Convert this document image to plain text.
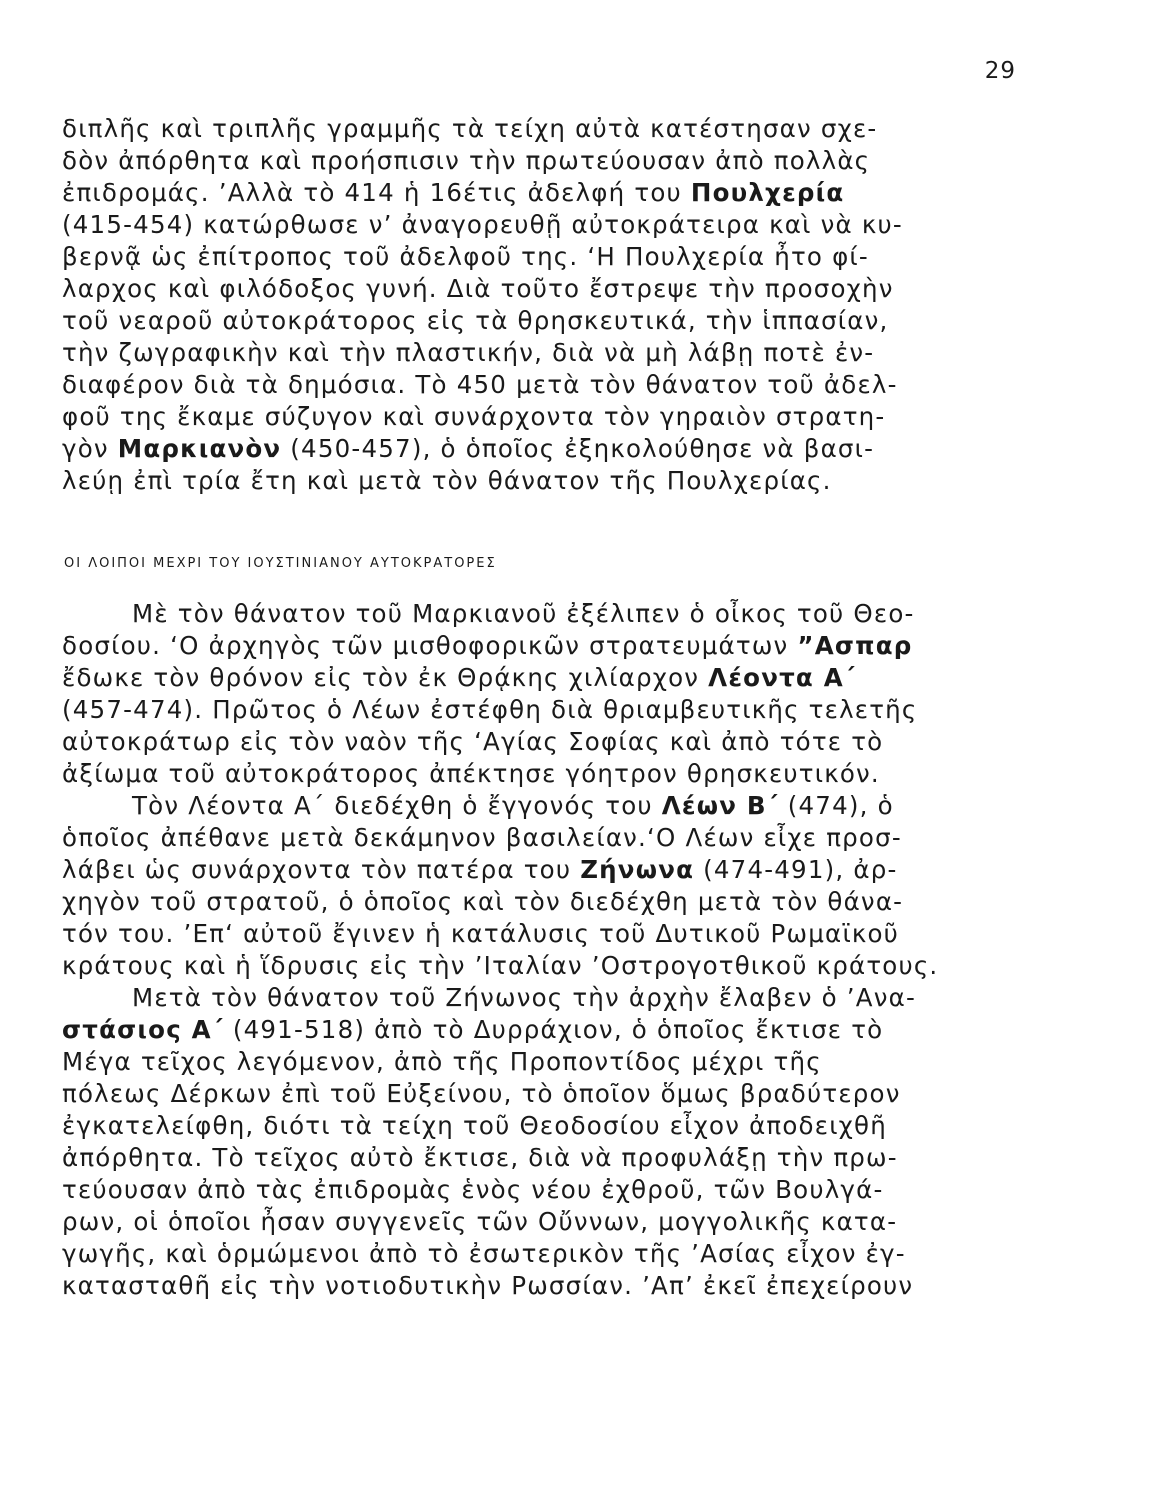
29
διπλῆς καὶ τριπλῆς γραμμῆς τὰ τείχη αὐτὰ κατέστησαν σχε-
δὸν ἀπόρθητα καὶ προήσπισιν τὴν πρωτεύουσαν ἀπὸ πολλὰς
ἐπιδρομάς. ’Αλλὰ τὸ 414 ἡ 16έτις ἀδελφή του Πουλχερία
(415-454) κατώρθωσε ν’ ἀναγορευθῇ αὐτοκράτειρα καὶ νὰ κυ-
βερνᾷ ὡς ἐπίτροπος τοῦ ἀδελφοῦ της. ‘Η Πουλχερία ἦτο φί-
λαρχος καὶ φιλόδοξος γυνή. Διὰ τοῦτο ἔστρεψε τὴν προσοχὴν
τοῦ νεαροῦ αὐτοκράτορος εἰς τὰ θρησκευτικά, τὴν ἱππασίαν,
τὴν ζωγραφικὴν καὶ τὴν πλαστικήν, διὰ νὰ μὴ λάβῃ ποτὲ ἐν-
διαφέρον διὰ τὰ δημόσια. Τὸ 450 μετὰ τὸν θάνατον τοῦ ἀδελ-
φοῦ της ἔκαμε σύζυγον καὶ συνάρχοντα τὸν γηραιὸν στρατη-
γὸν Μαρκιανὸν (450-457), ὁ ὁποῖος ἐξηκολούθησε νὰ βασι-
λεύῃ ἐπὶ τρία ἔτη καὶ μετὰ τὸν θάνατον τῆς Πουλχερίας.
ΟΙ ΛΟΙΠΟΙ ΜΕΧΡΙ ΤΟΥ ΙΟΥΣΤΙΝΙΑΝΟΥ ΑΥΤΟΚΡΑΤΟΡΕΣ
Μὲ τὸν θάνατον τοῦ Μαρκιανοῦ ἐξέλιπεν ὁ οἶκος τοῦ Θεο-
δοσίου. ‘Ο ἀρχηγὸς τῶν μισθοφορικῶν στρατευμάτων ”Ασπαρ
ἔδωκε τὸν θρόνον εἰς τὸν ἐκ Θρᾴκης χιλίαρχον Λέοντα Α΄
(457-474). Πρῶτος ὁ Λέων ἐστέφθη διὰ θριαμβευτικῆς τελετῆς
αὐτοκράτωρ εἰς τὸν ναὸν τῆς ‘Αγίας Σοφίας καὶ ἀπὸ τότε τὸ
ἀξίωμα τοῦ αὐτοκράτορος ἀπέκτησε γόητρον θρησκευτικόν.
Τὸν Λέοντα Α΄ διεδέχθη ὁ ἔγγονός του Λέων Β΄ (474), ὁ
ὁποῖος ἀπέθανε μετὰ δεκάμηνον βασιλείαν.‘Ο Λέων εἶχε προσ-
λάβει ὡς συνάρχοντα τὸν πατέρα του Ζήνωνα (474-491), ἀρ-
χηγὸν τοῦ στρατοῦ, ὁ ὁποῖος καὶ τὸν διεδέχθη μετὰ τὸν θάνα-
τόν του. ’Επ‘ αὐτοῦ ἔγινεν ἡ κατάλυσις τοῦ Δυτικοῦ Ρωμαϊκοῦ
κράτους καὶ ἡ ἵδρυσις εἰς τὴν ’Ιταλίαν ’Οστρογοτθικοῦ κράτους.
Μετὰ τὸν θάνατον τοῦ Ζήνωνος τὴν ἀρχὴν ἔλαβεν ὁ ’Ανα-
στάσιος Α΄ (491-518) ἀπὸ τὸ Δυρράχιον, ὁ ὁποῖος ἔκτισε τὸ
Μέγα τεῖχος λεγόμενον, ἀπὸ τῆς Προποντίδος μέχρι τῆς
πόλεως Δέρκων ἐπὶ τοῦ Εὐξείνου, τὸ ὁποῖον ὅμως βραδύτερον
ἐγκατελείφθη, διότι τὰ τείχη τοῦ Θεοδοσίου εἶχον ἀποδειχθῆ
ἀπόρθητα. Τὸ τεῖχος αὐτὸ ἔκτισε, διὰ νὰ προφυλάξῃ τὴν πρω-
τεύουσαν ἀπὸ τὰς ἐπιδρομὰς ἑνὸς νέου ἐχθροῦ, τῶν Βουλγά-
ρων, οἱ ὁποῖοι ἦσαν συγγενεῖς τῶν Οὔννων, μογγολικῆς κατα-
γωγῆς, καὶ ὁρμώμενοι ἀπὸ τὸ ἐσωτερικὸν τῆς ’Ασίας εἶχον ἐγ-
κατασταθῆ εἰς τὴν νοτιοδυτικὴν Ρωσσίαν. ’Απ’ ἐκεῖ ἐπεχείρουν
